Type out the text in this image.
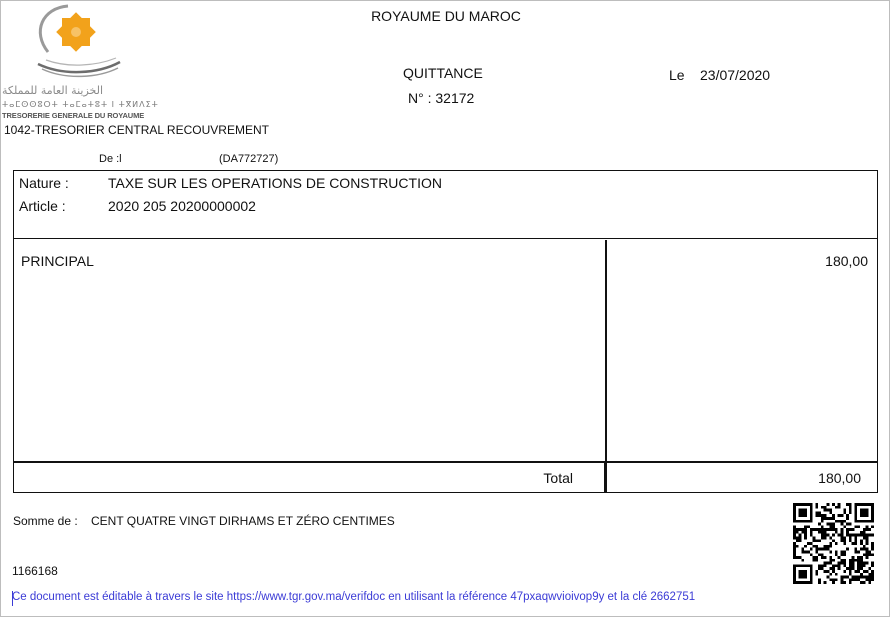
الخزينة العامة للمملكة
ⵜⴰⵎⵙⵙⵓⵔⵜ ⵜⴰⵎⴰⵜⵓⵜ ⵏ ⵜⴳⵍⴷⵉⵜ
TRESORERIE GENERALE DU ROYAUME
ROYAUME DU MAROC
QUITTANCE
N° : 32172
Le 23/07/2020
1042-TRESORIER CENTRAL RECOUVREMENT
De :l	(DA772727)
Nature :	TAXE SUR LES OPERATIONS DE CONSTRUCTION
Article :	2020 205 20200000002
PRINCIPAL	180,00
Total	180,00
Somme de : CENT QUATRE VINGT DIRHAMS ET ZÉRO CENTIMES
1166168
Ce document est éditable à travers le site https://www.tgr.gov.ma/verifdoc en utilisant la référence 47pxaqwvioivop9y et la clé 2662751
